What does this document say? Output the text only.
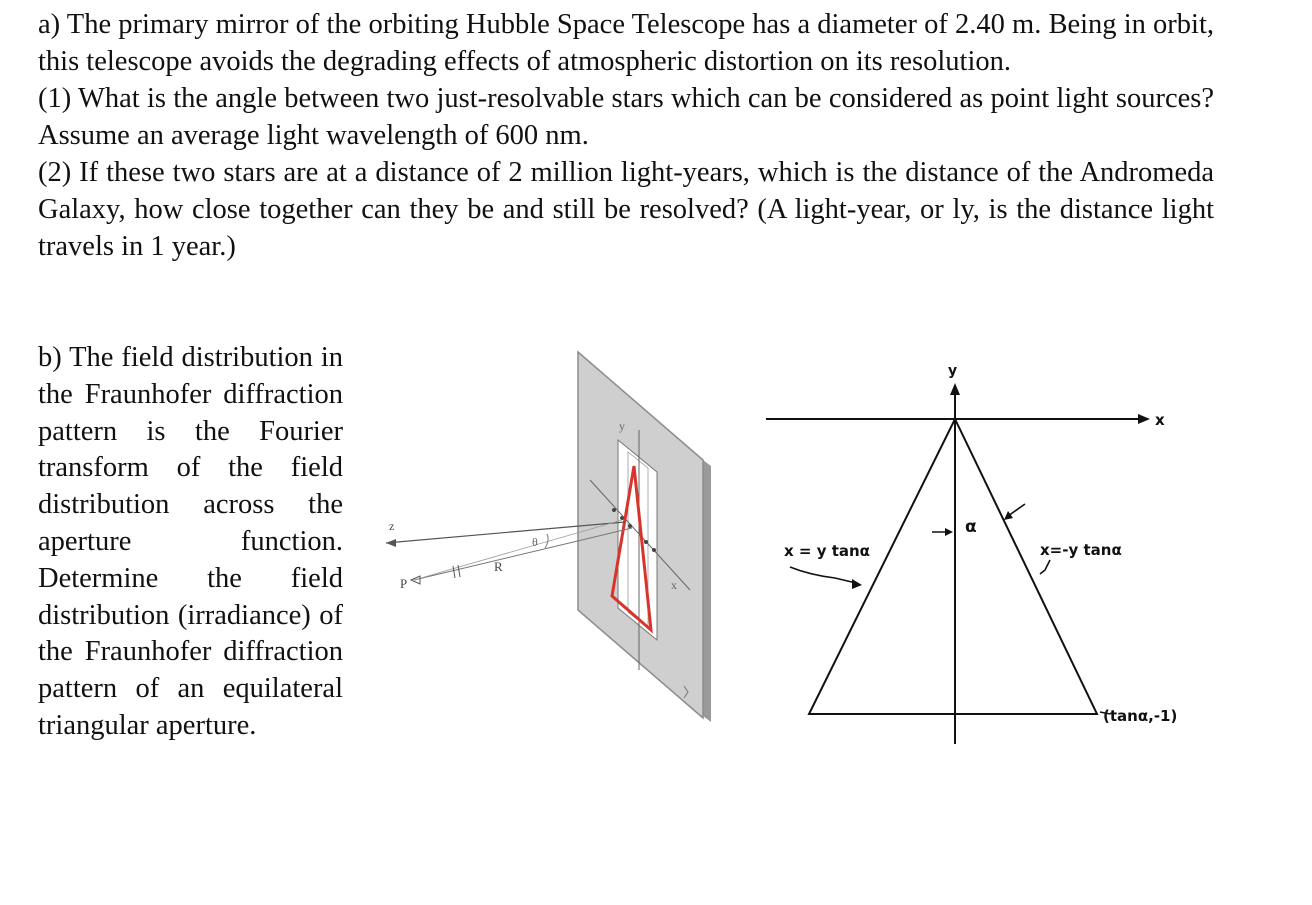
a) The primary mirror of the orbiting Hubble Space Telescope has a diameter of 2.40 m. Being in orbit, this telescope avoids the degrading effects of atmospheric distortion on its resolution.

(1) What is the angle between two just-resolvable stars which can be considered as point light sources? Assume an average light wavelength of 600 nm.

(2) If these two stars are at a distance of 2 million light-years, which is the distance of the Andromeda Galaxy, how close together can they be and still be resolved? (A light-year, or ly, is the distance light travels in 1 year.)

b) The field distribution in the Fraunhofer diffraction pattern is the Fourier transform of the field distribution across the aperture function. Determine the field distribution (irradiance) of the Fraunhofer diffraction pattern of an equilateral triangular aperture.

z
P
R
θ
y
x
y
x
α
x = y tanα	x=-y tanα
(tanα,-1)
